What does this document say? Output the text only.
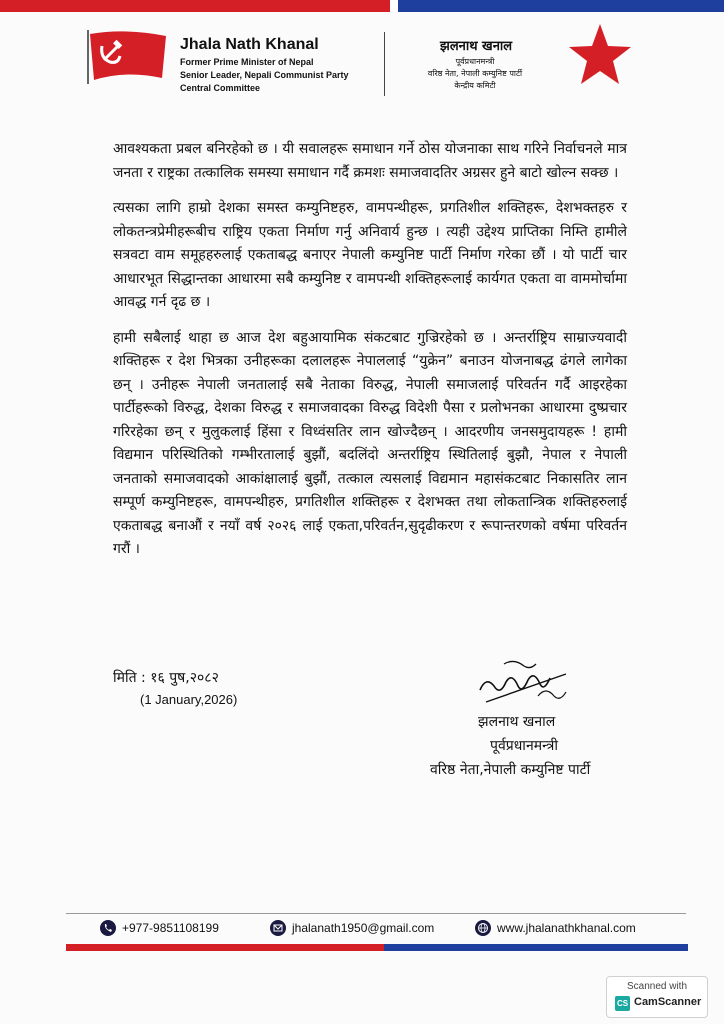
Jhala Nath Khanal
Former Prime Minister of Nepal
Senior Leader, Nepali Communist Party
Central Committee
झलनाथ खनाल
पूर्वप्रधानमन्त्री
वरिष्ठ नेता, नेपाली कम्युनिष्ट पार्टी
केन्द्रीय कमिटी

आवश्यकता प्रबल बनिरहेको छ । यी सवालहरू समाधान गर्ने ठोस योजनाका साथ गरिने निर्वाचनले मात्र जनता र राष्ट्रका तत्कालिक समस्या समाधान गर्दै क्रमशः समाजवादतिर अग्रसर हुने बाटो खोल्न सक्छ ।

त्यसका लागि हाम्रो देशका समस्त कम्युनिष्टहरु, वामपन्थीहरू, प्रगतिशील शक्तिहरू, देशभक्तहरु र लोकतन्त्रप्रेमीहरूबीच राष्ट्रिय एकता निर्माण गर्नु अनिवार्य हुन्छ । त्यही उद्देश्य प्राप्तिका निम्ति हामीले सत्रवटा वाम समूहहरुलाई एकताबद्ध बनाएर नेपाली कम्युनिष्ट पार्टी निर्माण गरेका छौं । यो पार्टी चार आधारभूत सिद्धान्तका आधारमा सबै कम्युनिष्ट र वामपन्थी शक्तिहरूलाई कार्यगत एकता वा वाममोर्चामा आवद्ध गर्न दृढ छ ।

हामी सबैलाई थाहा छ आज देश बहुआयामिक संकटबाट गुज्रिरहेको छ । अन्तर्राष्ट्रिय साम्राज्यवादी शक्तिहरू र देश भित्रका उनीहरूका दलालहरू नेपाललाई “युक्रेन” बनाउन योजनाबद्ध ढंगले लागेका छन् । उनीहरू नेपाली जनतालाई सबै नेताका विरुद्ध, नेपाली समाजलाई परिवर्तन गर्दै आइरहेका पार्टीहरूको विरुद्ध, देशका विरुद्ध र समाजवादका विरुद्ध विदेशी पैसा र प्रलोभनका आधारमा दुष्प्रचार गरिरहेका छन् र मुलुकलाई हिंसा र विध्वंसतिर लान खोज्दैछन् । आदरणीय जनसमुदायहरू ! हामी विद्यमान परिस्थितिको गम्भीरतालाई बुझौं, बदलिंदो अन्तर्राष्ट्रिय स्थितिलाई बुझौ, नेपाल र नेपाली जनताको समाजवादको आकांक्षालाई बुझौं, तत्काल त्यसलाई विद्यमान महासंकटबाट निकासतिर लान सम्पूर्ण कम्युनिष्टहरू, वामपन्थीहरु, प्रगतिशील शक्तिहरू र देशभक्त तथा लोकतान्त्रिक शक्तिहरुलाई एकताबद्ध बनाऔं र नयाँ वर्ष २०२६ लाई एकता,परिवर्तन,सुदृढीकरण र रूपान्तरणको वर्षमा परिवर्तन गरौं ।

मिति : १६ पुष,२०८२
(1 January,2026)
झलनाथ खनाल
पूर्वप्रधानमन्त्री
वरिष्ठ नेता,नेपाली कम्युनिष्ट पार्टी
+977-9851108199	jhalanath1950@gmail.com	www.jhalanathkhanal.com
Scanned with
CS CamScanner
